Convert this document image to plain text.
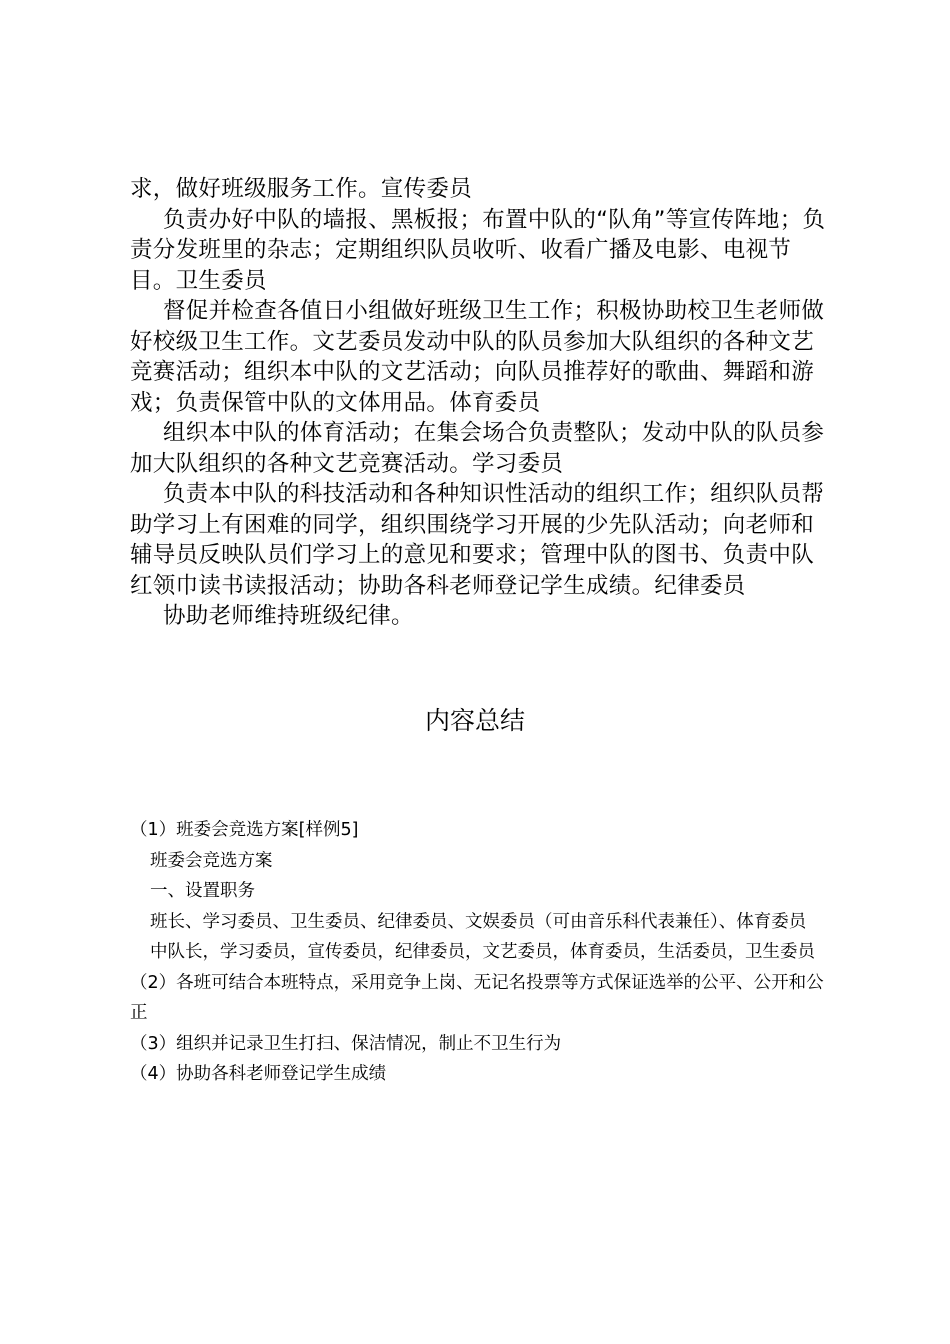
求，做好班级服务工作。宣传委员

负责办好中队的墙报、黑板报；布置中队的“队角”等宣传阵地；负责分发班里的杂志；定期组织队员收听、收看广播及电影、电视节目。卫生委员

督促并检查各值日小组做好班级卫生工作；积极协助校卫生老师做好校级卫生工作。文艺委员发动中队的队员参加大队组织的各种文艺竞赛活动；组织本中队的文艺活动；向队员推荐好的歌曲、舞蹈和游戏；负责保管中队的文体用品。体育委员

组织本中队的体育活动；在集会场合负责整队；发动中队的队员参加大队组织的各种文艺竞赛活动。学习委员

负责本中队的科技活动和各种知识性活动的组织工作；组织队员帮助学习上有困难的同学，组织围绕学习开展的少先队活动；向老师和辅导员反映队员们学习上的意见和要求；管理中队的图书、负责中队红领巾读书读报活动；协助各科老师登记学生成绩。纪律委员

协助老师维持班级纪律。

内容总结

（1）班委会竞选方案[样例5]

班委会竞选方案

一、设置职务

班长、学习委员、卫生委员、纪律委员、文娱委员（可由音乐科代表兼任）、体育委员

中队长，学习委员，宣传委员，纪律委员，文艺委员，体育委员，生活委员，卫生委员

（2）各班可结合本班特点，采用竞争上岗、无记名投票等方式保证选举的公平、公开和公正

（3）组织并记录卫生打扫、保洁情况，制止不卫生行为

（4）协助各科老师登记学生成绩
